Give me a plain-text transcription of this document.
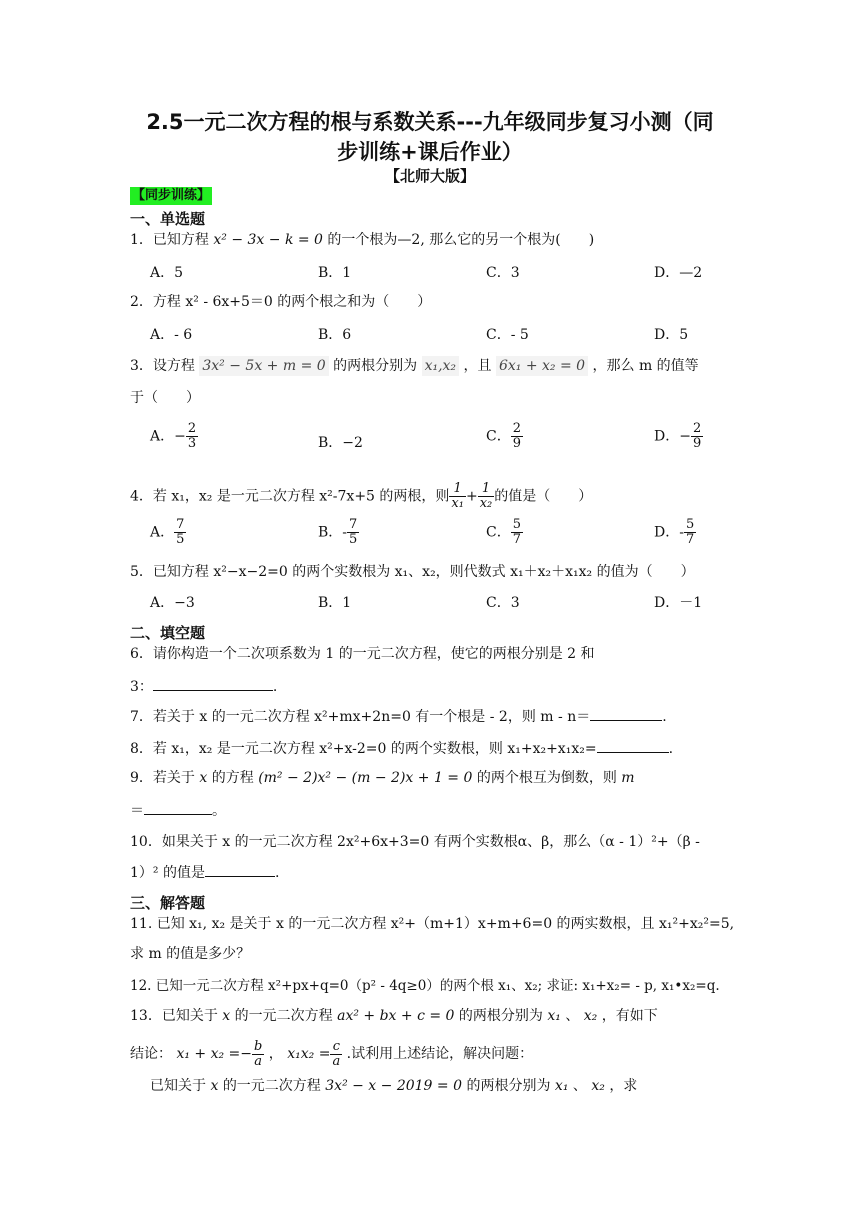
2.5一元二次方程的根与系数关系---九年级同步复习小测（同
步训练+课后作业）
【北师大版】
【同步训练】
一、单选题
1．已知方程 x² − 3x − k = 0 的一个根为—2, 那么它的另一个根为(　　)
A．5	B．1	C．3	D．—2
2．方程 x² ‐ 6x+5＝0 的两个根之和为（　　）
A．‐ 6	B．6	C．‐ 5	D．5
3．设方程 3x² − 5x + m = 0 的两根分别为 x₁,x₂ ，且 6x₁ + x₂ = 0 ，那么 m 的值等
于（　　）
A．− $\frac{2}{3}$	B．−2	C． $\frac{2}{9}$	D．− $\frac{2}{9}$
4．若 x₁，x₂ 是一元二次方程 x²-7x+5 的两根，则 $\frac{1}{\text{x₁}} + \frac{1}{\text{x₂}}$ 的值是（　　）
A． $\frac{7}{5}$	B．- $\frac{7}{5}$	C． $\frac{5}{7}$	D．- $\frac{5}{7}$
5．已知方程 x²−x−2=0 的两个实数根为 x₁、x₂，则代数式 x₁＋x₂＋x₁x₂ 的值为（　　）
A．−3	B．1	C．3	D．－1
二、填空题
6．请你构造一个二次项系数为 1 的一元二次方程，使它的两根分别是 2 和
3：	.
7．若关于 x 的一元二次方程 x²+mx+2n=0 有一个根是 ‐ 2，则 m ‐ n＝	.
8．若 x₁，x₂ 是一元二次方程 x²+x-2=0 的两个实数根，则 x₁+x₂+x₁x₂=	.
9．若关于 x 的方程 (m² − 2)x² − (m − 2)x + 1 = 0 的两个根互为倒数，则 m
＝	。
10．如果关于 x 的一元二次方程 2x²+6x+3=0 有两个实数根α、β，那么（α ‐ 1）²+（β ‐
1）² 的值是	.
三、解答题
11. 已知 x₁, x₂ 是关于 x 的一元二次方程 x²+（m+1）x+m+6=0 的两实数根，且 x₁²+x₂²=5,
求 m 的值是多少？
12. 已知一元二次方程 x²+px+q=0（p² ‐ 4q≥0）的两个根 x₁、x₂; 求证: x₁+x₂= ‐ p, x₁•x₂=q.
13．已知关于 x 的一元二次方程 ax² + bx + c = 0 的两根分别为 x₁ 、 x₂ ，有如下
结论： $x_1 + x_2 =- \frac{b}{a}$ ， $x_1x_2 = \frac{c}{a}$ .试利用上述结论，解决问题：
已知关于 x 的一元二次方程 3x² − x − 2019 = 0 的两根分别为 x₁ 、 x₂ ，求
